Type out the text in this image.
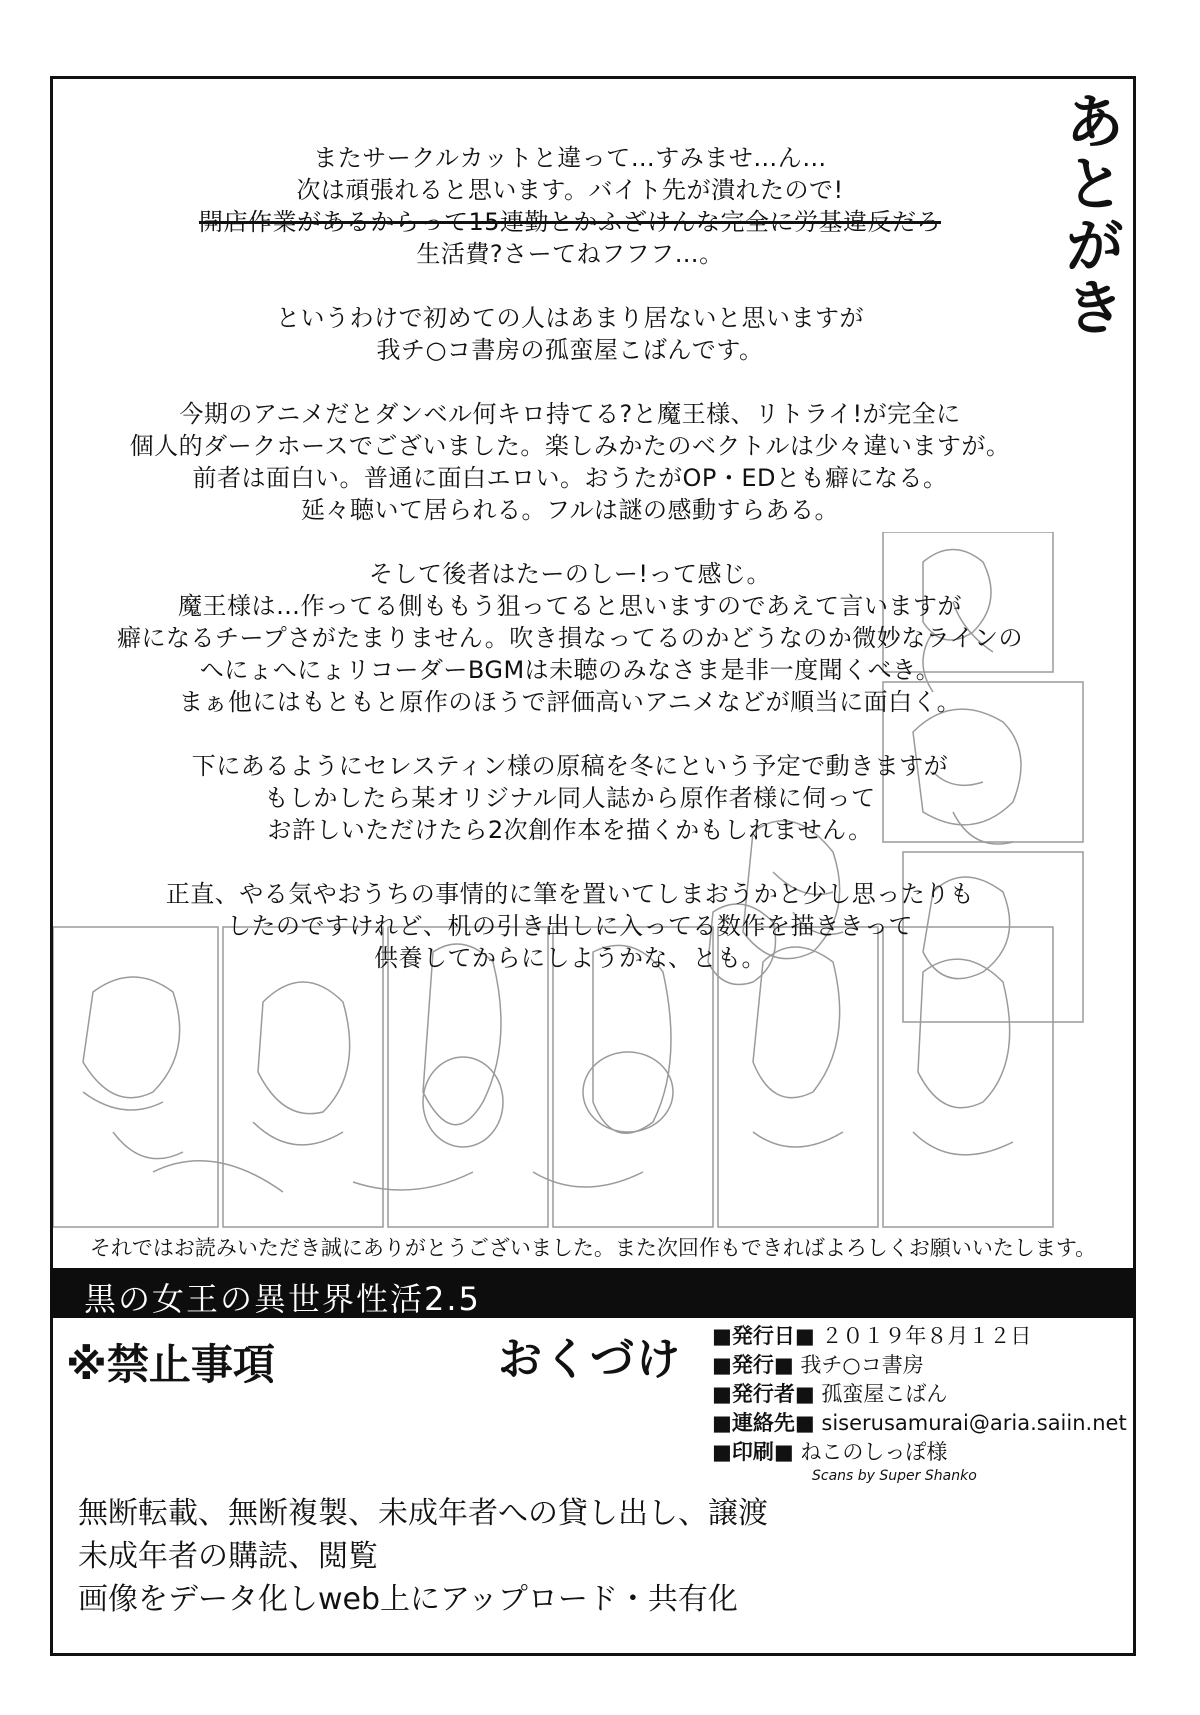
あとがき
またサークルカットと違って…すみませ…ん…
次は頑張れると思います。バイト先が潰れたので!
開店作業があるからって15連勤とかふざけんな完全に労基違反だろ
生活費?さーてねフフフ…。
というわけで初めての人はあまり居ないと思いますが
我チ○コ書房の孤蛮屋こばんです。
今期のアニメだとダンベル何キロ持てる?と魔王様、リトライ!が完全に
個人的ダークホースでございました。楽しみかたのベクトルは少々違いますが。
前者は面白い。普通に面白エロい。おうたがOP・EDとも癖になる。
延々聴いて居られる。フルは謎の感動すらある。
そして後者はたーのしー!って感じ。
魔王様は…作ってる側ももう狙ってると思いますのであえて言いますが
癖になるチープさがたまりません。吹き損なってるのかどうなのか微妙なラインの
へにょへにょリコーダーBGMは未聴のみなさま是非一度聞くべき。
まぁ他にはもともと原作のほうで評価高いアニメなどが順当に面白く。
下にあるようにセレスティン様の原稿を冬にという予定で動きますが
もしかしたら某オリジナル同人誌から原作者様に伺って
お許しいただけたら2次創作本を描くかもしれません。
正直、やる気やおうちの事情的に筆を置いてしまおうかと少し思ったりも
したのですけれど、机の引き出しに入ってる数作を描ききって
供養してからにしようかな、とも。
それではお読みいただき誠にありがとうございました。また次回作もできればよろしくお願いいたします。
黒の女王の異世界性活2.5
※禁止事項	おくづけ ■発行日■ ２０１９年８月１２日
■発行■ 我チ○コ書房
■発行者■ 孤蛮屋こばん
■連絡先■ siserusamurai@aria.saiin.net
■印刷■ ねこのしっぽ様
Scans by Super Shanko
無断転載、無断複製、未成年者への貸し出し、譲渡
未成年者の購読、閲覧
画像をデータ化しweb上にアップロード・共有化
